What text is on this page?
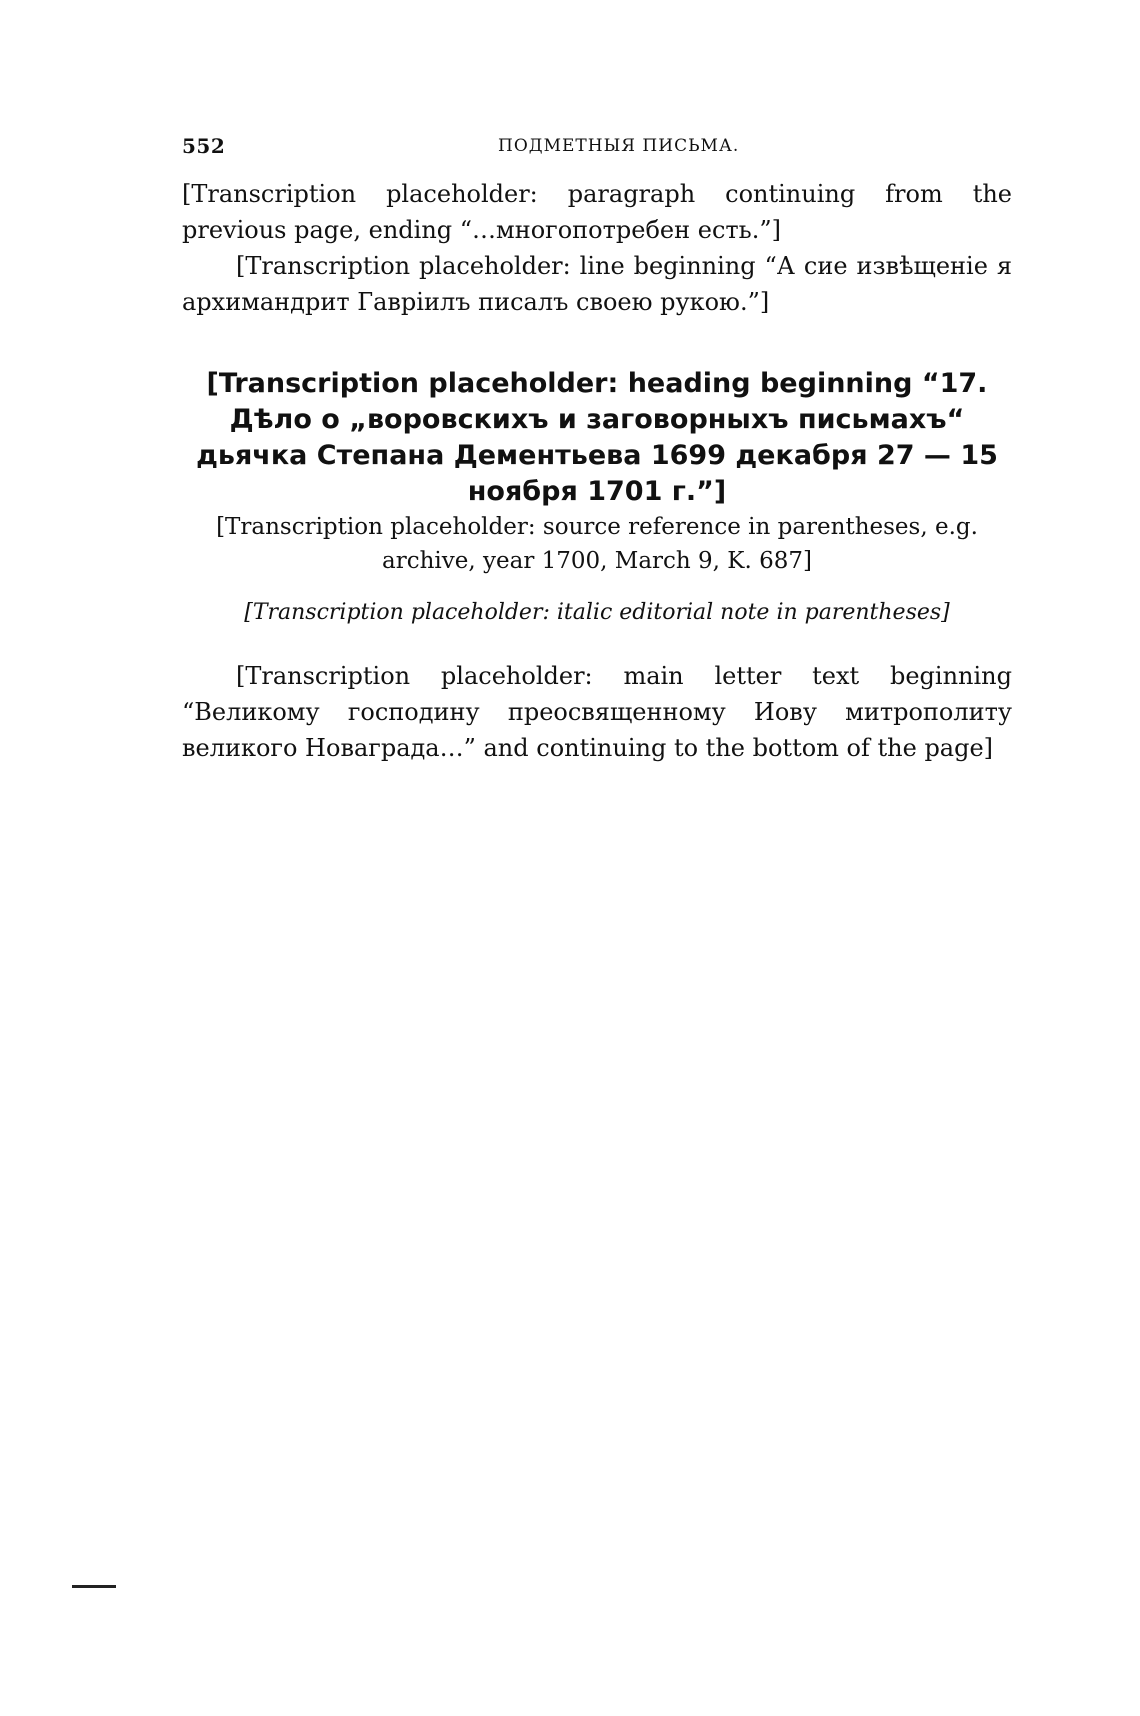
552	ПОДМЕТНЫЯ ПИСЬМА.

[Transcription placeholder: paragraph continuing from the previous page, ending “…многопотребен есть.”]

[Transcription placeholder: line beginning “А сие извѣщеніе я архимандрит Гавріилъ писалъ своею рукою.”]

[Transcription placeholder: heading beginning “17. Дѣло о „воровскихъ и заговорныхъ письмахъ“ дьячка Степана Дементьева 1699 декабря 27 — 15 ноября 1701 г.”]

[Transcription placeholder: source reference in parentheses, e.g. archive, year 1700, March 9, K. 687]

[Transcription placeholder: italic editorial note in parentheses]

[Transcription placeholder: main letter text beginning “Великому господину преосвященному Иову митрополиту великого Новаграда…” and continuing to the bottom of the page]
